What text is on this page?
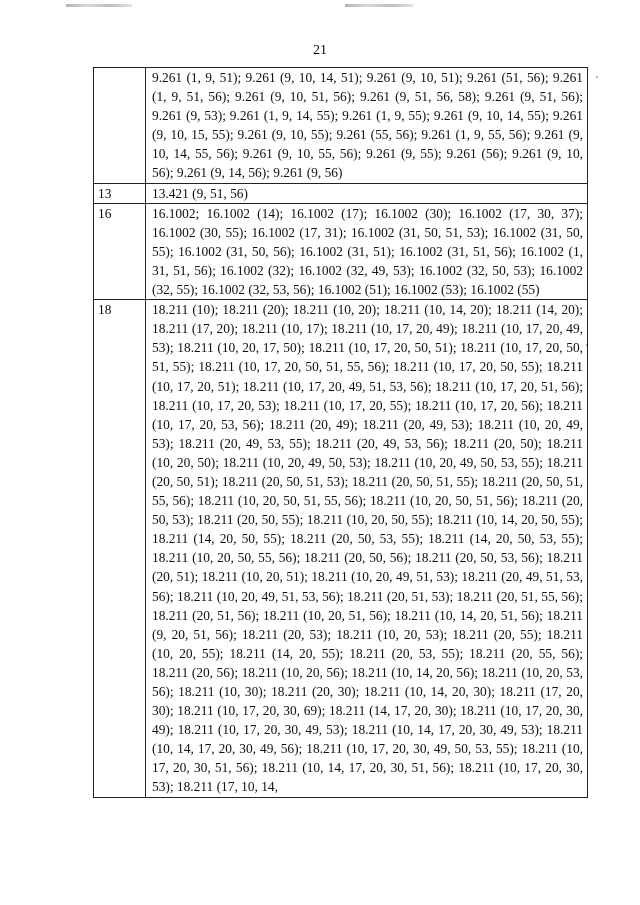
21
	9.261 (1, 9, 51); 9.261 (9, 10, 14, 51); 9.261 (9, 10, 51); 9.261 (51, 56); 9.261 (1, 9, 51, 56); 9.261 (9, 10, 51, 56); 9.261 (9, 51, 56, 58); 9.261 (9, 51, 56); 9.261 (9, 53); 9.261 (1, 9, 14, 55); 9.261 (1, 9, 55); 9.261 (9, 10, 14, 55); 9.261 (9, 10, 15, 55); 9.261 (9, 10, 55); 9.261 (55, 56); 9.261 (1, 9, 55, 56); 9.261 (9, 10, 14, 55, 56); 9.261 (9, 10, 55, 56); 9.261 (9, 55); 9.261 (56); 9.261 (9, 10, 56); 9.261 (9, 14, 56); 9.261 (9, 56)
13	13.421 (9, 51, 56)
16	16.1002; 16.1002 (14); 16.1002 (17); 16.1002 (30); 16.1002 (17, 30, 37); 16.1002 (30, 55); 16.1002 (17, 31); 16.1002 (31, 50, 51, 53); 16.1002 (31, 50, 55); 16.1002 (31, 50, 56); 16.1002 (31, 51); 16.1002 (31, 51, 56); 16.1002 (1, 31, 51, 56); 16.1002 (32); 16.1002 (32, 49, 53); 16.1002 (32, 50, 53); 16.1002 (32, 55); 16.1002 (32, 53, 56); 16.1002 (51); 16.1002 (53); 16.1002 (55)
18	18.211 (10); 18.211 (20); 18.211 (10, 20); 18.211 (10, 14, 20); 18.211 (14, 20); 18.211 (17, 20); 18.211 (10, 17); 18.211 (10, 17, 20, 49); 18.211 (10, 17, 20, 49, 53); 18.211 (10, 20, 17, 50); 18.211 (10, 17, 20, 50, 51); 18.211 (10, 17, 20, 50, 51, 55); 18.211 (10, 17, 20, 50, 51, 55, 56); 18.211 (10, 17, 20, 50, 55); 18.211 (10, 17, 20, 51); 18.211 (10, 17, 20, 49, 51, 53, 56); 18.211 (10, 17, 20, 51, 56); 18.211 (10, 17, 20, 53); 18.211 (10, 17, 20, 55); 18.211 (10, 17, 20, 56); 18.211 (10, 17, 20, 53, 56); 18.211 (20, 49); 18.211 (20, 49, 53); 18.211 (10, 20, 49, 53); 18.211 (20, 49, 53, 55); 18.211 (20, 49, 53, 56); 18.211 (20, 50); 18.211 (10, 20, 50); 18.211 (10, 20, 49, 50, 53); 18.211 (10, 20, 49, 50, 53, 55); 18.211 (20, 50, 51); 18.211 (20, 50, 51, 53); 18.211 (20, 50, 51, 55); 18.211 (20, 50, 51, 55, 56); 18.211 (10, 20, 50, 51, 55, 56); 18.211 (10, 20, 50, 51, 56); 18.211 (20, 50, 53); 18.211 (20, 50, 55); 18.211 (10, 20, 50, 55); 18.211 (10, 14, 20, 50, 55); 18.211 (14, 20, 50, 55); 18.211 (20, 50, 53, 55); 18.211 (14, 20, 50, 53, 55); 18.211 (10, 20, 50, 55, 56); 18.211 (20, 50, 56); 18.211 (20, 50, 53, 56); 18.211 (20, 51); 18.211 (10, 20, 51); 18.211 (10, 20, 49, 51, 53); 18.211 (20, 49, 51, 53, 56); 18.211 (10, 20, 49, 51, 53, 56); 18.211 (20, 51, 53); 18.211 (20, 51, 55, 56); 18.211 (20, 51, 56); 18.211 (10, 20, 51, 56); 18.211 (10, 14, 20, 51, 56); 18.211 (9, 20, 51, 56); 18.211 (20, 53); 18.211 (10, 20, 53); 18.211 (20, 55); 18.211 (10, 20, 55); 18.211 (14, 20, 55); 18.211 (20, 53, 55); 18.211 (20, 55, 56); 18.211 (20, 56); 18.211 (10, 20, 56); 18.211 (10, 14, 20, 56); 18.211 (10, 20, 53, 56); 18.211 (10, 30); 18.211 (20, 30); 18.211 (10, 14, 20, 30); 18.211 (17, 20, 30); 18.211 (10, 17, 20, 30, 69); 18.211 (14, 17, 20, 30); 18.211 (10, 17, 20, 30, 49); 18.211 (10, 17, 20, 30, 49, 53); 18.211 (10, 14, 17, 20, 30, 49, 53); 18.211 (10, 14, 17, 20, 30, 49, 56); 18.211 (10, 17, 20, 30, 49, 50, 53, 55); 18.211 (10, 17, 20, 30, 51, 56); 18.211 (10, 14, 17, 20, 30, 51, 56); 18.211 (10, 17, 20, 30, 53); 18.211 (17, 10, 14,
